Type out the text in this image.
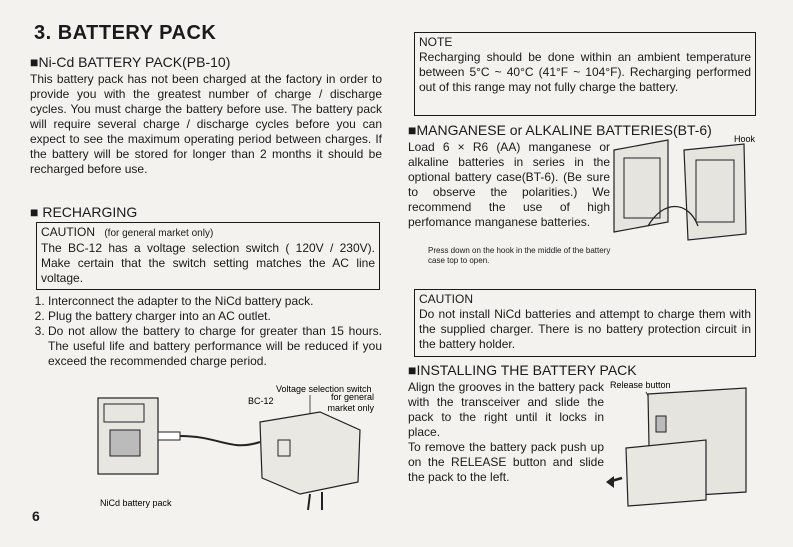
3. BATTERY PACK

■Ni-Cd BATTERY PACK(PB-10)

This battery pack has not been charged at the factory in order to provide you with the greatest number of charge / discharge cycles. You must charge the battery before use. The battery pack will require several charge / discharge cycles before you can expect to see the maximum operating period between charges. If the battery will be stored for longer than 2 months it should be recharged before use.

■ RECHARGING

CAUTION (for general market only)

The BC-12 has a voltage selection switch ( 120V / 230V). Make certain that the switch setting matches the AC line voltage.

1. Interconnect the adapter to the NiCd battery pack.
2. Plug the battery charger into an AC outlet.
3. Do not allow the battery to charge for greater than 15 hours. The useful life and battery performance will be reduced if you exceed the recommended charge period.
Voltage selection switch
BC-12	for general
market only
NiCd battery pack
NOTE

Recharging should be done within an ambient temperature between 5°C ~ 40°C (41°F ~ 104°F). Recharging performed out of this range may not fully charge the battery.

■MANGANESE or ALKALINE BATTERIES(BT-6)

Load 6 × R6 (AA) manganese or alkaline batteries in series in the optional battery case(BT-6). (Be sure to observe the polarities.) We recommend the use of high perfomance manganese batteries.

Hook

Press down on the hook in the middle of the battery case top to open.

CAUTION

Do not install NiCd batteries and attempt to charge them with the supplied charger. There is no battery protection circuit in the battery holder.

■INSTALLING THE BATTERY PACK

Align the grooves in the battery pack with the transceiver and slide the pack to the right until it locks in place.

To remove the battery pack push up on the RELEASE button and slide the pack to the left.

Release button
6
